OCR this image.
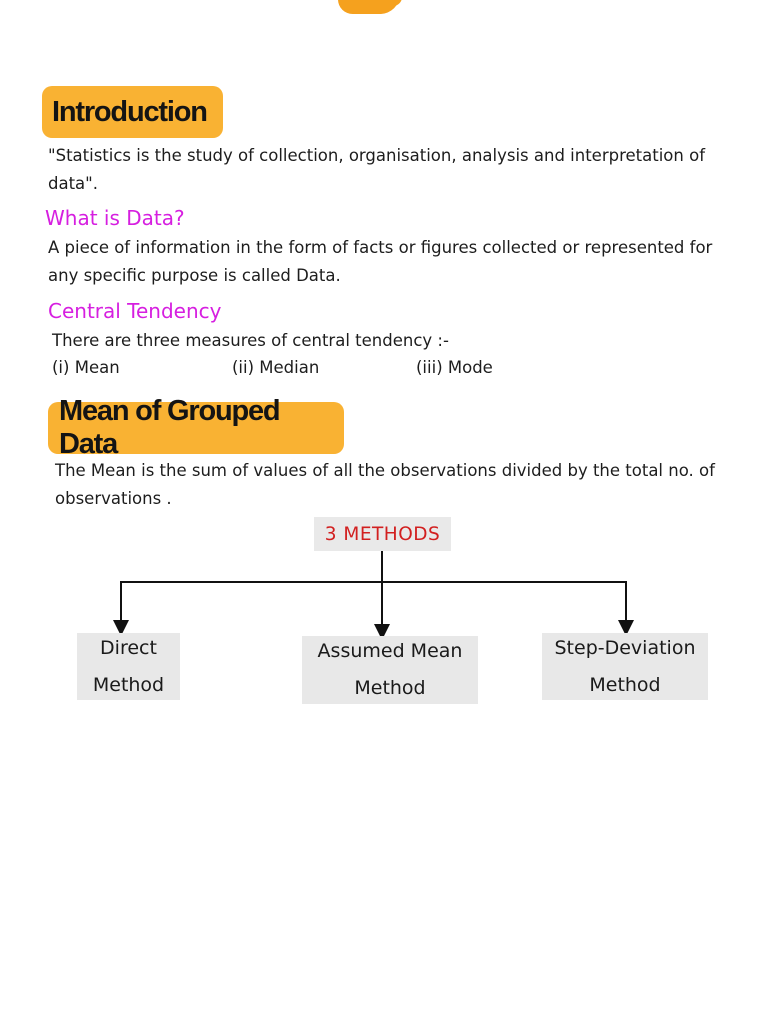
Introduction

"Statistics is the study of collection, organisation, analysis and interpretation of data".

What is Data?

A piece of information in the form of facts or figures collected or represented for any specific purpose is called Data.

Central Tendency

There are three measures of central tendency :-

(i) Mean	(ii) Median	(iii) Mode
Mean of Grouped Data

The Mean is the sum of values of all the observations divided by the total no. of observations .

3 METHODS
Direct
Method
Assumed Mean
Method
Step-Deviation
Method
